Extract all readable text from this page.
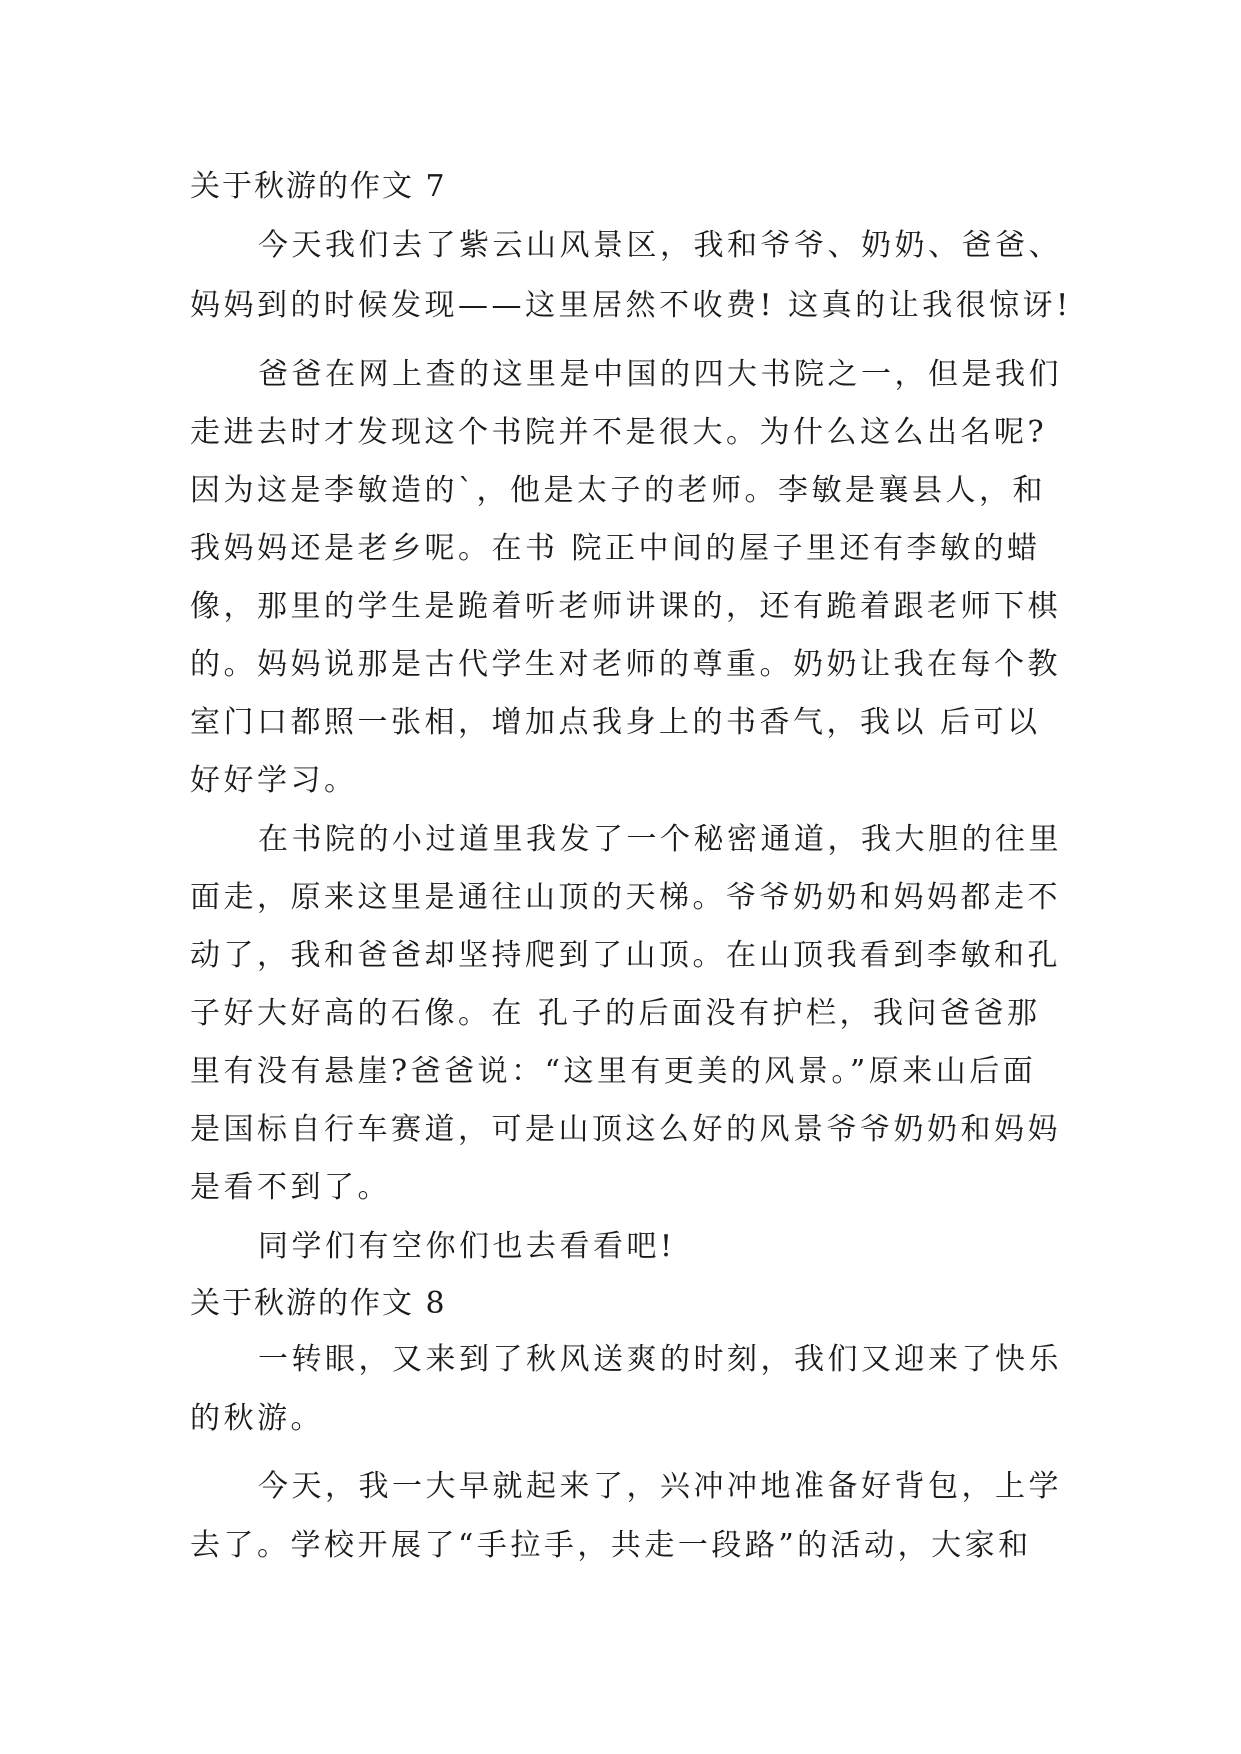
关于秋游的作文 7
今天我们去了紫云山风景区，我和爷爷、奶奶、爸爸、
妈妈到的时候发现——这里居然不收费! 这真的让我很惊讶!
爸爸在网上查的这里是中国的四大书院之一，但是我们
走进去时才发现这个书院并不是很大。为什么这么出名呢?
因为这是李敏造的`，他是太子的老师。李敏是襄县人，和
我妈妈还是老乡呢。在书 院正中间的屋子里还有李敏的蜡
像，那里的学生是跪着听老师讲课的，还有跪着跟老师下棋
的。妈妈说那是古代学生对老师的尊重。奶奶让我在每个教
室门口都照一张相，增加点我身上的书香气，我以 后可以
好好学习。
在书院的小过道里我发了一个秘密通道，我大胆的往里
面走，原来这里是通往山顶的天梯。爷爷奶奶和妈妈都走不
动了，我和爸爸却坚持爬到了山顶。在山顶我看到李敏和孔
子好大好高的石像。在 孔子的后面没有护栏，我问爸爸那
里有没有悬崖?爸爸说：“这里有更美的风景。”原来山后面
是国标自行车赛道，可是山顶这么好的风景爷爷奶奶和妈妈
是看不到了。
同学们有空你们也去看看吧!
关于秋游的作文 8
一转眼，又来到了秋风送爽的时刻，我们又迎来了快乐
的秋游。
今天，我一大早就起来了，兴冲冲地准备好背包，上学
去了。学校开展了“手拉手，共走一段路”的活动，大家和
